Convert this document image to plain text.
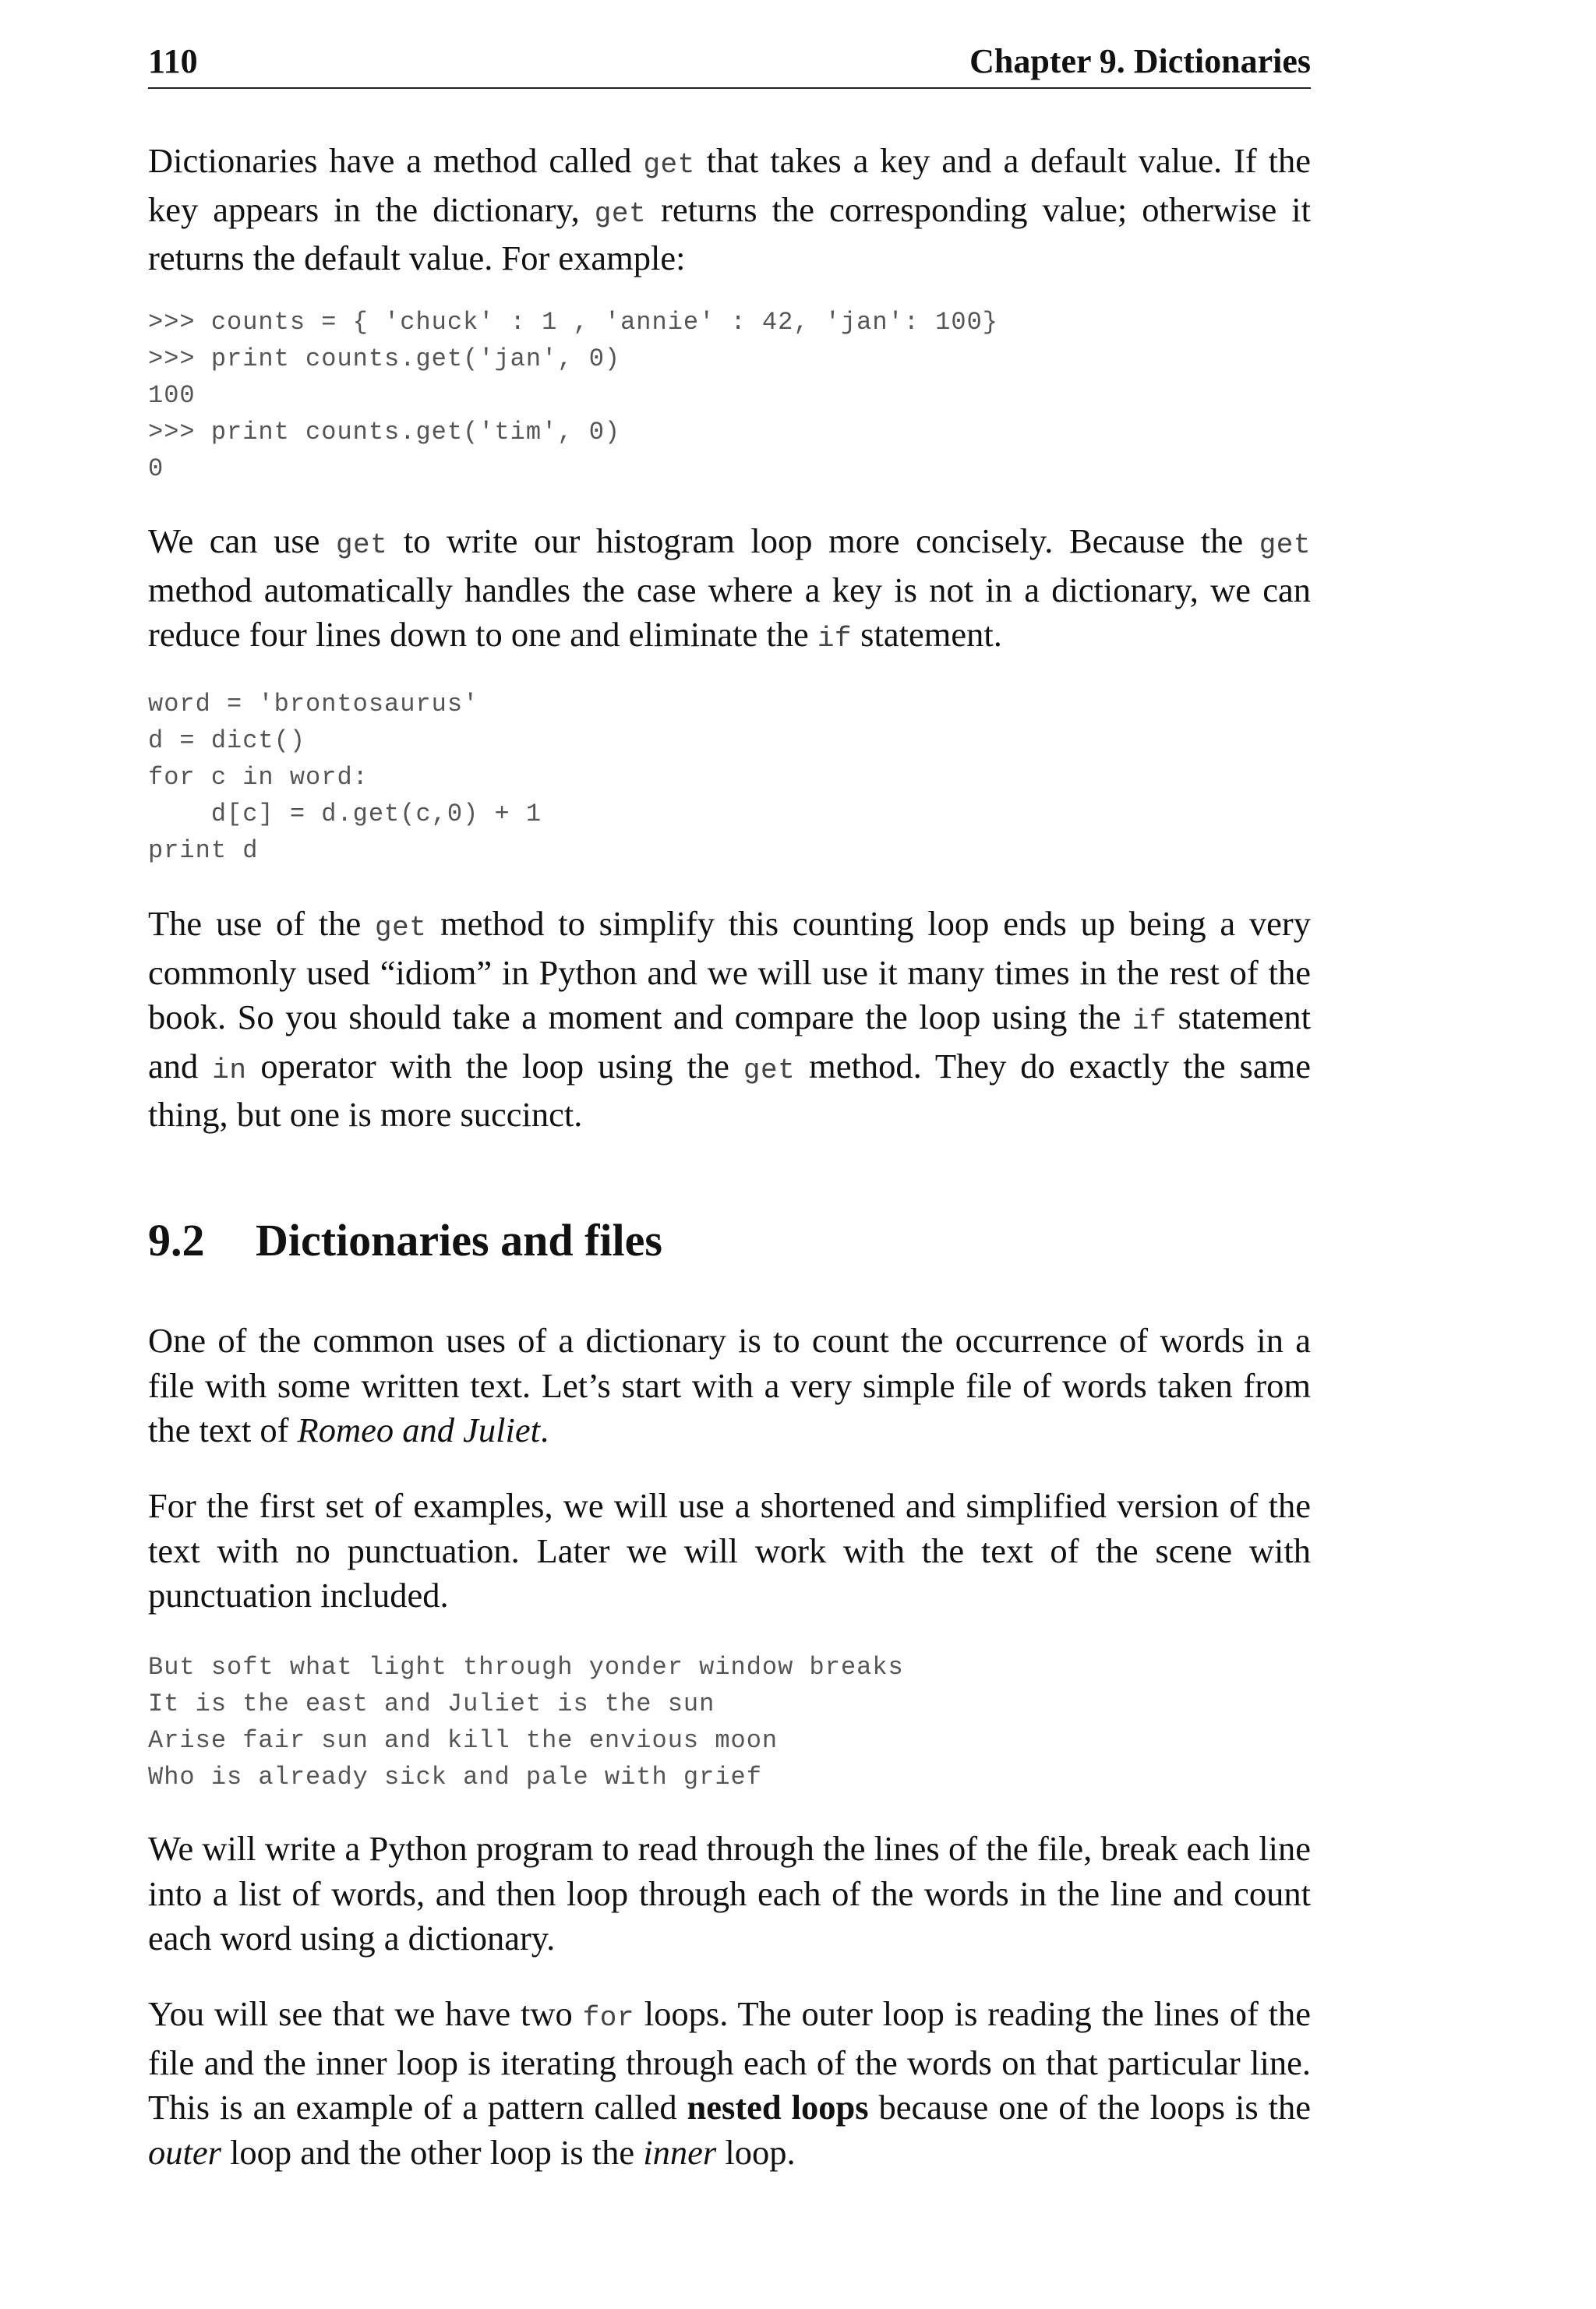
110	Chapter 9. Dictionaries

Dictionaries have a method called get that takes a key and a default value. If the key appears in the dictionary, get returns the corresponding value; otherwise it returns the default value. For example:

>>> counts = { 'chuck' : 1 , 'annie' : 42, 'jan': 100}
>>> print counts.get('jan', 0)
100
>>> print counts.get('tim', 0)
0

We can use get to write our histogram loop more concisely. Because the get method automatically handles the case where a key is not in a dictionary, we can reduce four lines down to one and eliminate the if statement.

word = 'brontosaurus'
d = dict()
for c in word:
d[c] = d.get(c,0) + 1
print d

The use of the get method to simplify this counting loop ends up being a very commonly used “idiom” in Python and we will use it many times in the rest of the book. So you should take a moment and compare the loop using the if statement and in operator with the loop using the get method. They do exactly the same thing, but one is more succinct.

9.2 Dictionaries and files

One of the common uses of a dictionary is to count the occurrence of words in a file with some written text. Let’s start with a very simple file of words taken from the text of Romeo and Juliet.

For the first set of examples, we will use a shortened and simplified version of the text with no punctuation. Later we will work with the text of the scene with punctuation included.

But soft what light through yonder window breaks
It is the east and Juliet is the sun
Arise fair sun and kill the envious moon
Who is already sick and pale with grief

We will write a Python program to read through the lines of the file, break each line into a list of words, and then loop through each of the words in the line and count each word using a dictionary.

You will see that we have two for loops. The outer loop is reading the lines of the file and the inner loop is iterating through each of the words on that particular line. This is an example of a pattern called nested loops because one of the loops is the outer loop and the other loop is the inner loop.
